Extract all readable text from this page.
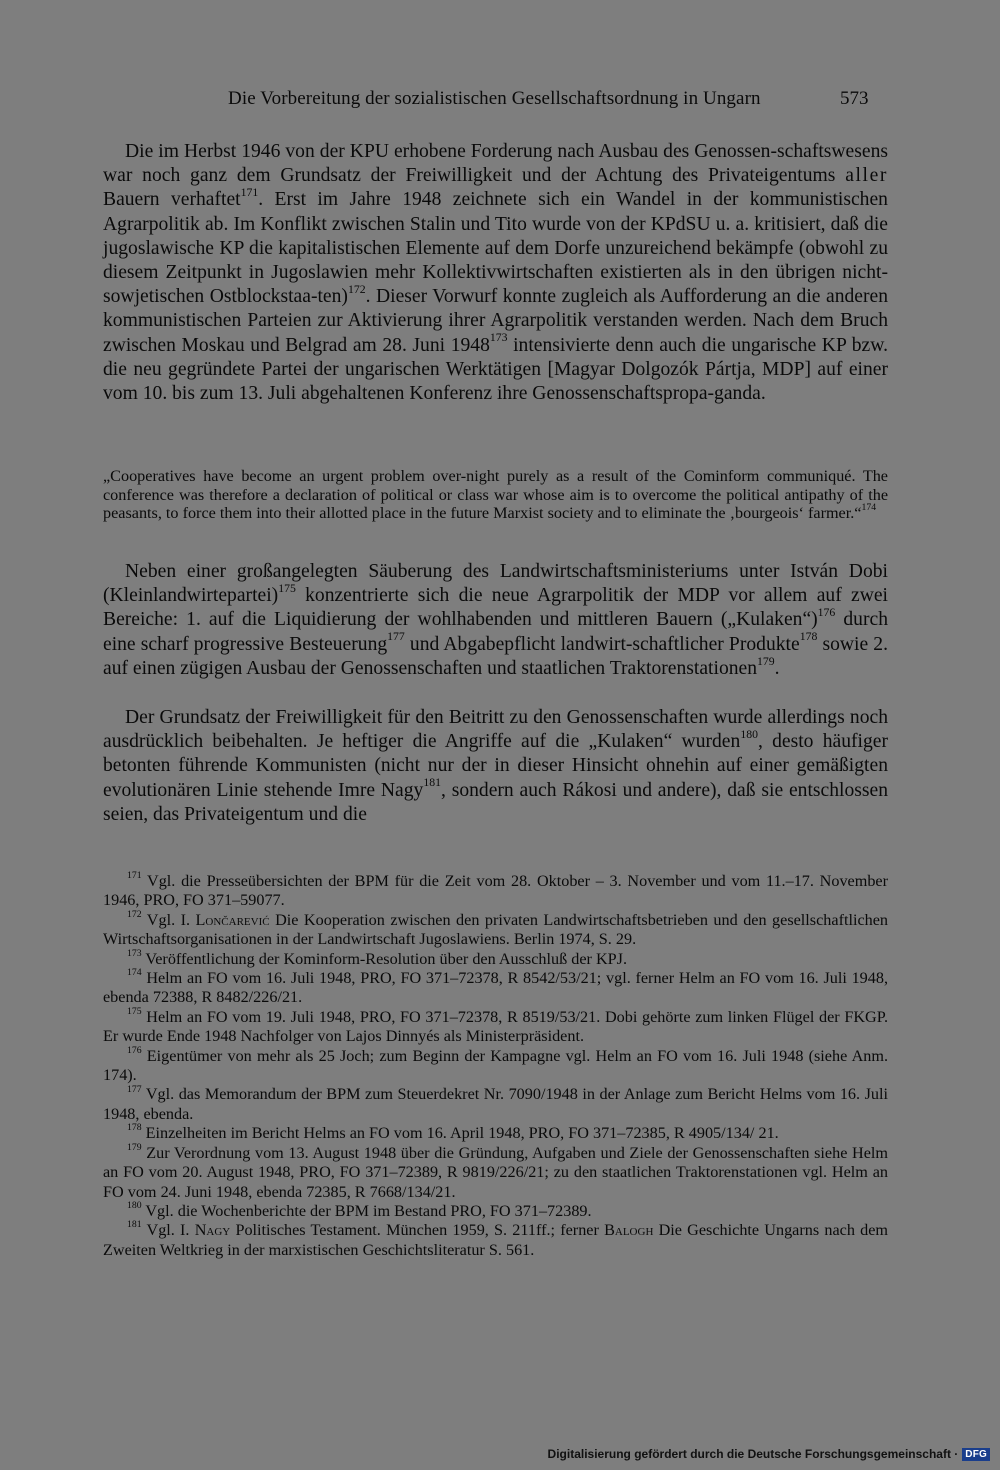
Die Vorbereitung der sozialistischen Gesellschaftsordnung in Ungarn	573

Die im Herbst 1946 von der KPU erhobene Forderung nach Ausbau des Genossen-schaftswesens war noch ganz dem Grundsatz der Freiwilligkeit und der Achtung des Privateigentums aller Bauern verhaftet$^{171}$. Erst im Jahre 1948 zeichnete sich ein Wandel in der kommunistischen Agrarpolitik ab. Im Konflikt zwischen Stalin und Tito wurde von der KPdSU u. a. kritisiert, daß die jugoslawische KP die kapitalistischen Elemente auf dem Dorfe unzureichend bekämpfe (obwohl zu diesem Zeitpunkt in Jugoslawien mehr Kollektivwirtschaften existierten als in den übrigen nicht-sowjetischen Ostblockstaa-ten)$^{172}$. Dieser Vorwurf konnte zugleich als Aufforderung an die anderen kommunistischen Parteien zur Aktivierung ihrer Agrarpolitik verstanden werden. Nach dem Bruch zwischen Moskau und Belgrad am 28. Juni 1948$^{173}$ intensivierte denn auch die ungarische KP bzw. die neu gegründete Partei der ungarischen Werktätigen [Magyar Dolgozók Pártja, MDP] auf einer vom 10. bis zum 13. Juli abgehaltenen Konferenz ihre Genossenschaftspropa-ganda.

„Cooperatives have become an urgent problem over-night purely as a result of the Cominform communiqué. The conference was therefore a declaration of political or class war whose aim is to overcome the political antipathy of the peasants, to force them into their allotted place in the future Marxist society and to eliminate the ‚bourgeois‘ farmer.“$^{174}$

Neben einer großangelegten Säuberung des Landwirtschaftsministeriums unter István Dobi (Kleinlandwirtepartei)$^{175}$ konzentrierte sich die neue Agrarpolitik der MDP vor allem auf zwei Bereiche: 1. auf die Liquidierung der wohlhabenden und mittleren Bauern („Kulaken“)$^{176}$ durch eine scharf progressive Besteuerung$^{177}$ und Abgabepflicht landwirt-schaftlicher Produkte$^{178}$ sowie 2. auf einen zügigen Ausbau der Genossenschaften und staatlichen Traktorenstationen$^{179}$.

Der Grundsatz der Freiwilligkeit für den Beitritt zu den Genossenschaften wurde allerdings noch ausdrücklich beibehalten. Je heftiger die Angriffe auf die „Kulaken“ wurden$^{180}$, desto häufiger betonten führende Kommunisten (nicht nur der in dieser Hinsicht ohnehin auf einer gemäßigten evolutionären Linie stehende Imre Nagy$^{181}$, sondern auch Rákosi und andere), daß sie entschlossen seien, das Privateigentum und die

$^{171}$ Vgl. die Presseübersichten der BPM für die Zeit vom 28. Oktober – 3. November und vom 11.–17. November 1946, PRO, FO 371–59077.

$^{172}$ Vgl. I. Lončarević Die Kooperation zwischen den privaten Landwirtschaftsbetrieben und den gesellschaftlichen Wirtschaftsorganisationen in der Landwirtschaft Jugoslawiens. Berlin 1974, S. 29.

$^{173}$ Veröffentlichung der Kominform-Resolution über den Ausschluß der KPJ.

$^{174}$ Helm an FO vom 16. Juli 1948, PRO, FO 371–72378, R 8542/53/21; vgl. ferner Helm an FO vom 16. Juli 1948, ebenda 72388, R 8482/226/21.

$^{175}$ Helm an FO vom 19. Juli 1948, PRO, FO 371–72378, R 8519/53/21. Dobi gehörte zum linken Flügel der FKGP. Er wurde Ende 1948 Nachfolger von Lajos Dinnyés als Ministerpräsident.

$^{176}$ Eigentümer von mehr als 25 Joch; zum Beginn der Kampagne vgl. Helm an FO vom 16. Juli 1948 (siehe Anm. 174).

$^{177}$ Vgl. das Memorandum der BPM zum Steuerdekret Nr. 7090/1948 in der Anlage zum Bericht Helms vom 16. Juli 1948, ebenda.

$^{178}$ Einzelheiten im Bericht Helms an FO vom 16. April 1948, PRO, FO 371–72385, R 4905/134/ 21.

$^{179}$ Zur Verordnung vom 13. August 1948 über die Gründung, Aufgaben und Ziele der Genossenschaften siehe Helm an FO vom 20. August 1948, PRO, FO 371–72389, R 9819/226/21; zu den staatlichen Traktorenstationen vgl. Helm an FO vom 24. Juni 1948, ebenda 72385, R 7668/134/21.

$^{180}$ Vgl. die Wochenberichte der BPM im Bestand PRO, FO 371–72389.

$^{181}$ Vgl. I. Nagy Politisches Testament. München 1959, S. 211ff.; ferner Balogh Die Geschichte Ungarns nach dem Zweiten Weltkrieg in der marxistischen Geschichtsliteratur S. 561.

Digitalisierung gefördert durch die Deutsche Forschungsgemeinschaft · DFG
